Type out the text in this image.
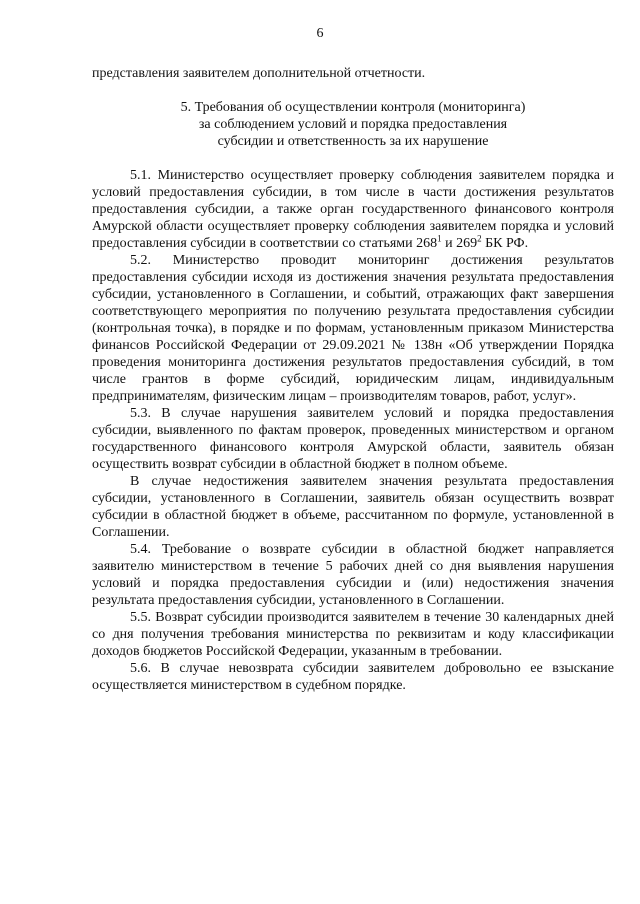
6

представления заявителем дополнительной отчетности.

5. Требования об осуществлении контроля (мониторинга)
за соблюдением условий и порядка предоставления
субсидии и ответственность за их нарушение

5.1. Министерство осуществляет проверку соблюдения заявителем порядка и условий предоставления субсидии, в том числе в части достижения результатов предоставления субсидии, а также орган государственного финансового контроля Амурской области осуществляет проверку соблюдения заявителем порядка и условий предоставления субсидии в соответствии со статьями $268^1$ и $269^2$ БК РФ.

5.2. Министерство проводит мониторинг достижения результатов предоставления субсидии исходя из достижения значения результата предоставления субсидии, установленного в Соглашении, и событий, отражающих факт завершения соответствующего мероприятия по получению результата предоставления субсидии (контрольная точка), в порядке и по формам, установленным приказом Министерства финансов Российской Федерации от 29.09.2021 № 138н «Об утверждении Порядка проведения мониторинга достижения результатов предоставления субсидий, в том числе грантов в форме субсидий, юридическим лицам, индивидуальным предпринимателям, физическим лицам – производителям товаров, работ, услуг».

5.3. В случае нарушения заявителем условий и порядка предоставления субсидии, выявленного по фактам проверок, проведенных министерством и органом государственного финансового контроля Амурской области, заявитель обязан осуществить возврат субсидии в областной бюджет в полном объеме.

В случае недостижения заявителем значения результата предоставления субсидии, установленного в Соглашении, заявитель обязан осуществить возврат субсидии в областной бюджет в объеме, рассчитанном по формуле, установленной в Соглашении.

5.4. Требование о возврате субсидии в областной бюджет направляется заявителю министерством в течение 5 рабочих дней со дня выявления нарушения условий и порядка предоставления субсидии и (или) недостижения значения результата предоставления субсидии, установленного в Соглашении.

5.5. Возврат субсидии производится заявителем в течение 30 календарных дней со дня получения требования министерства по реквизитам и коду классификации доходов бюджетов Российской Федерации, указанным в требовании.

5.6. В случае невозврата субсидии заявителем добровольно ее взыскание осуществляется министерством в судебном порядке.
